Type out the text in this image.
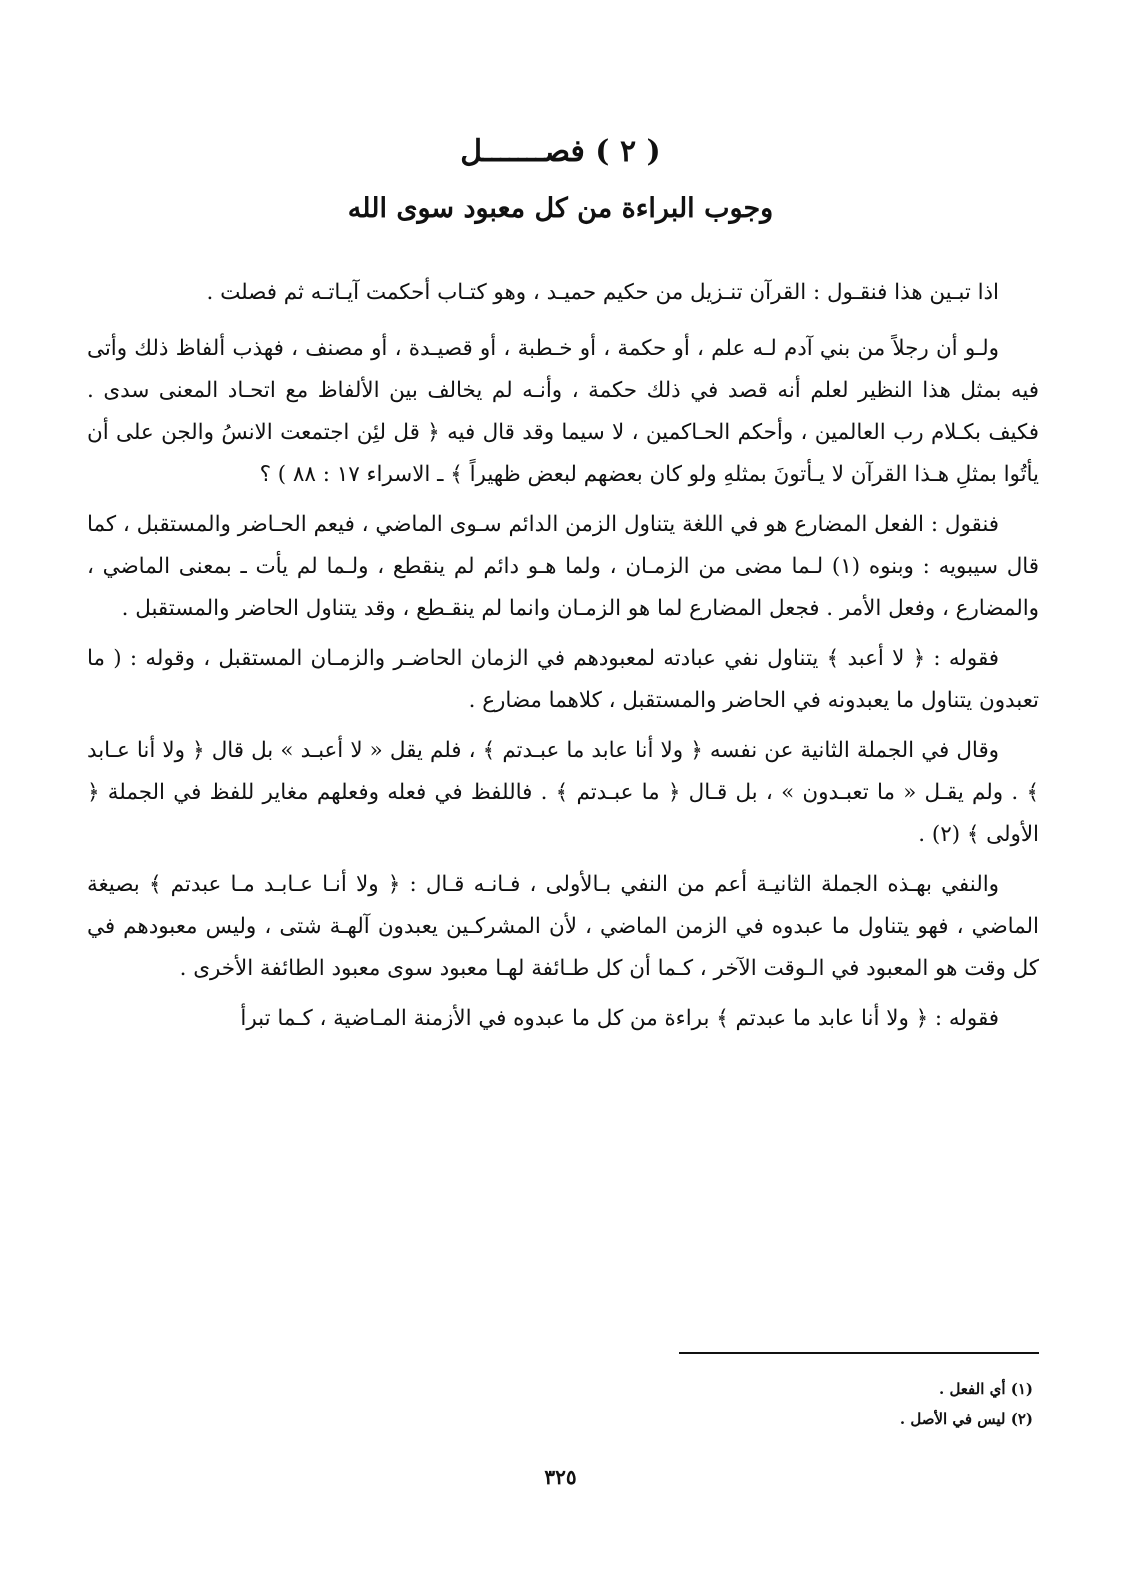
( ٢ ) فصـــــــل
وجوب البراءة من كل معبود سوى الله

اذا تبـين هذا فنقـول : القرآن تنـزيل من حكيم حميـد ، وهو كتـاب أحكمت آيـاتـه ثم فصلت .

ولـو أن رجلاً من بني آدم لـه علم ، أو حكمة ، أو خـطبة ، أو قصيـدة ، أو مصنف ، فهذب ألفاظ ذلك وأتى فيه بمثل هذا النظير لعلم أنه قصد في ذلك حكمة ، وأنـه لم يخالف بين الألفاظ مع اتحـاد المعنى سدى . فكيف بكـلام رب العالمين ، وأحكم الحـاكمين ، لا سيما وقد قال فيه ﴿ قل لئِن اجتمعت الانسُ والجن على أن يأتُوا بمثلِ هـذا القرآن لا يـأتونَ بمثلهِ ولو كان بعضهم لبعض ظهيراً ﴾ ـ الاسراء ١٧ : ٨٨ ) ؟

فنقول : الفعل المضارع هو في اللغة يتناول الزمن الدائم سـوى الماضي ، فيعم الحـاضر والمستقبل ، كما قال سيبويه : وبنوه (١) لـما مضى من الزمـان ، ولما هـو دائم لم ينقطع ، ولـما لم يأت ـ بمعنى الماضي ، والمضارع ، وفعل الأمر . فجعل المضارع لما هو الزمـان وانما لم ينقـطع ، وقد يتناول الحاضر والمستقبل .

فقوله : ﴿ لا أعبد ﴾ يتناول نفي عبادته لمعبودهم في الزمان الحاضـر والزمـان المستقبل ، وقوله : ( ما تعبدون يتناول ما يعبدونه في الحاضر والمستقبل ، كلاهما مضارع .

وقال في الجملة الثانية عن نفسه ﴿ ولا أنا عابد ما عبـدتم ﴾ ، فلم يقل « لا أعبـد » بل قال ﴿ ولا أنا عـابد ﴾ . ولم يقـل « ما تعبـدون » ، بل قـال ﴿ ما عبـدتم ﴾ . فاللفظ في فعله وفعلهم مغاير للفظ في الجملة ﴿ الأولى ﴾ (٢) .

والنفي بهـذه الجملة الثانيـة أعم من النفي بـالأولى ، فـانـه قـال : ﴿ ولا أنـا عـابـد مـا عبدتم ﴾ بصيغة الماضي ، فهو يتناول ما عبدوه في الزمن الماضي ، لأن المشركـين يعبدون آلهـة شتى ، وليس معبودهم في كل وقت هو المعبود في الـوقت الآخر ، كـما أن كل طـائفة لهـا معبود سوى معبود الطائفة الأخرى .

فقوله : ﴿ ولا أنا عابد ما عبدتم ﴾ براءة من كل ما عبدوه في الأزمنة المـاضية ، كـما تبرأ

(١) أي الفعل .
(٢) ليس في الأصل .
٣٢٥
